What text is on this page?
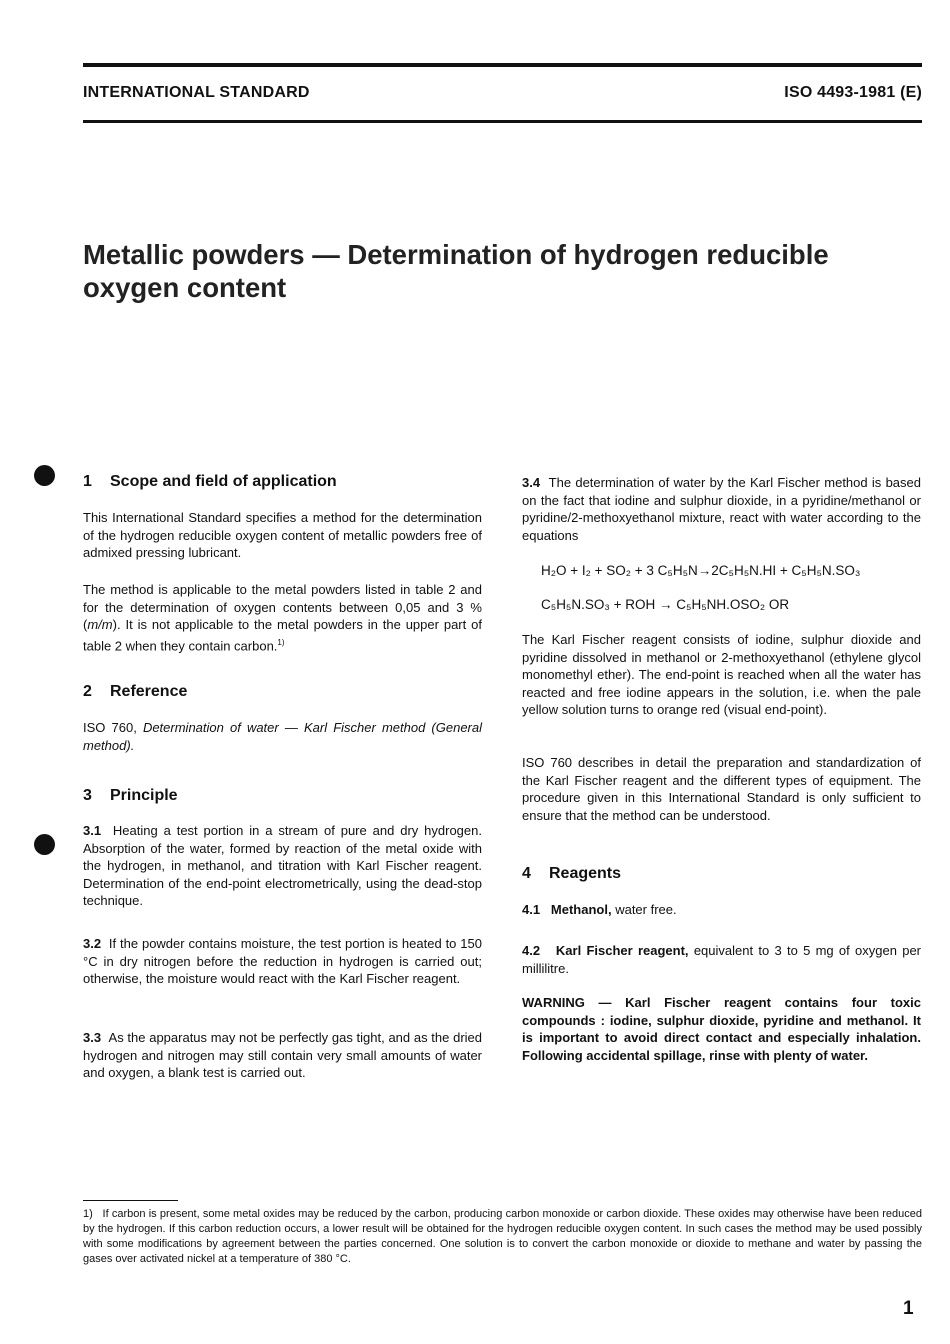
INTERNATIONAL STANDARD	ISO 4493-1981 (E)
Metallic powders — Determination of hydrogen reducible
oxygen content
1 Scope and field of application
This International Standard specifies a method for the determination of the hydrogen reducible oxygen content of metallic powders free of admixed pressing lubricant.
The method is applicable to the metal powders listed in table 2 and for the determination of oxygen contents between 0,05 and 3 % (m/m). It is not applicable to the metal powders in the upper part of table 2 when they contain carbon.$^{1)}$
2 Reference
ISO 760, Determination of water — Karl Fischer method (General method).
3 Principle
3.1 Heating a test portion in a stream of pure and dry hydrogen. Absorption of the water, formed by reaction of the metal oxide with the hydrogen, in methanol, and titration with Karl Fischer reagent. Determination of the end-point electrometrically, using the dead-stop technique.
3.2 If the powder contains moisture, the test portion is heated to 150 °C in dry nitrogen before the reduction in hydrogen is carried out; otherwise, the moisture would react with the Karl Fischer reagent.
3.3 As the apparatus may not be perfectly gas tight, and as the dried hydrogen and nitrogen may still contain very small amounts of water and oxygen, a blank test is carried out.
3.4 The determination of water by the Karl Fischer method is based on the fact that iodine and sulphur dioxide, in a pyridine/methanol or pyridine/2-methoxyethanol mixture, react with water according to the equations
H₂O + I₂ + SO₂ + 3 C₅H₅N→2C₅H₅N.HI + C₅H₅N.SO₃
C₅H₅N.SO₃ + ROH → C₅H₅NH.OSO₂ OR
The Karl Fischer reagent consists of iodine, sulphur dioxide and pyridine dissolved in methanol or 2-methoxyethanol (ethylene glycol monomethyl ether). The end-point is reached when all the water has reacted and free iodine appears in the solution, i.e. when the pale yellow solution turns to orange red (visual end-point).
ISO 760 describes in detail the preparation and standardization of the Karl Fischer reagent and the different types of equipment. The procedure given in this International Standard is only sufficient to ensure that the method can be understood.
4 Reagents
4.1 Methanol, water free.
4.2 Karl Fischer reagent, equivalent to 3 to 5 mg of oxygen per millilitre.
WARNING — Karl Fischer reagent contains four toxic compounds : iodine, sulphur dioxide, pyridine and methanol. It is important to avoid direct contact and especially inhalation. Following accidental spillage, rinse with plenty of water.
1) If carbon is present, some metal oxides may be reduced by the carbon, producing carbon monoxide or carbon dioxide. These oxides may otherwise have been reduced by the hydrogen. If this carbon reduction occurs, a lower result will be obtained for the hydrogen reducible oxygen content. In such cases the method may be used possibly with some modifications by agreement between the parties concerned. One solution is to convert the carbon monoxide or dioxide to methane and water by passing the gases over activated nickel at a temperature of 380 °C.
1
